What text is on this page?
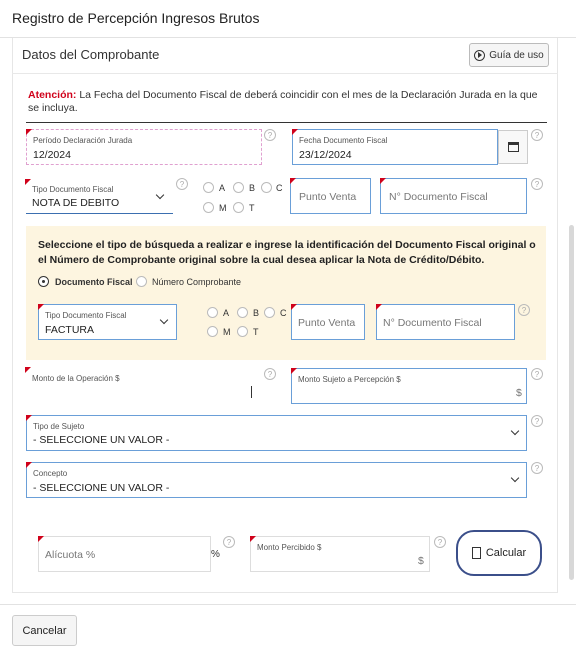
Registro de Percepción Ingresos Brutos
Datos del Comprobante	Guía de uso
Atención: La Fecha del Documento Fiscal de deberá coincidir con el mes de la Declaración Jurada en la que se incluya.
Período Declaración Jurada
12/2024
?
Fecha Documento Fiscal
23/12/2024
?
Tipo Documento Fiscal
NOTA DE DEBITO
?	A	B C
M	T
Punto Venta	N° Documento Fiscal
?
Seleccione el tipo de búsqueda a realizar e ingrese la identificación del Documento Fiscal original o el Número de Comprobante original sobre la cual desea aplicar la Nota de Crédito/Débito.
Documento Fiscal Número Comprobante
Tipo Documento Fiscal
FACTURA
A	B C
M	T
Punto Venta	N° Documento Fiscal
?
Monto de la Operación $	?
Monto Sujeto a Percepción $
$
?
Tipo de Sujeto
- SELECCIONE UN VALOR -
?
Concepto
- SELECCIONE UN VALOR -
?
Alícuota %	%
?
Monto Percibido $
$
?
Calcular
Cancelar
